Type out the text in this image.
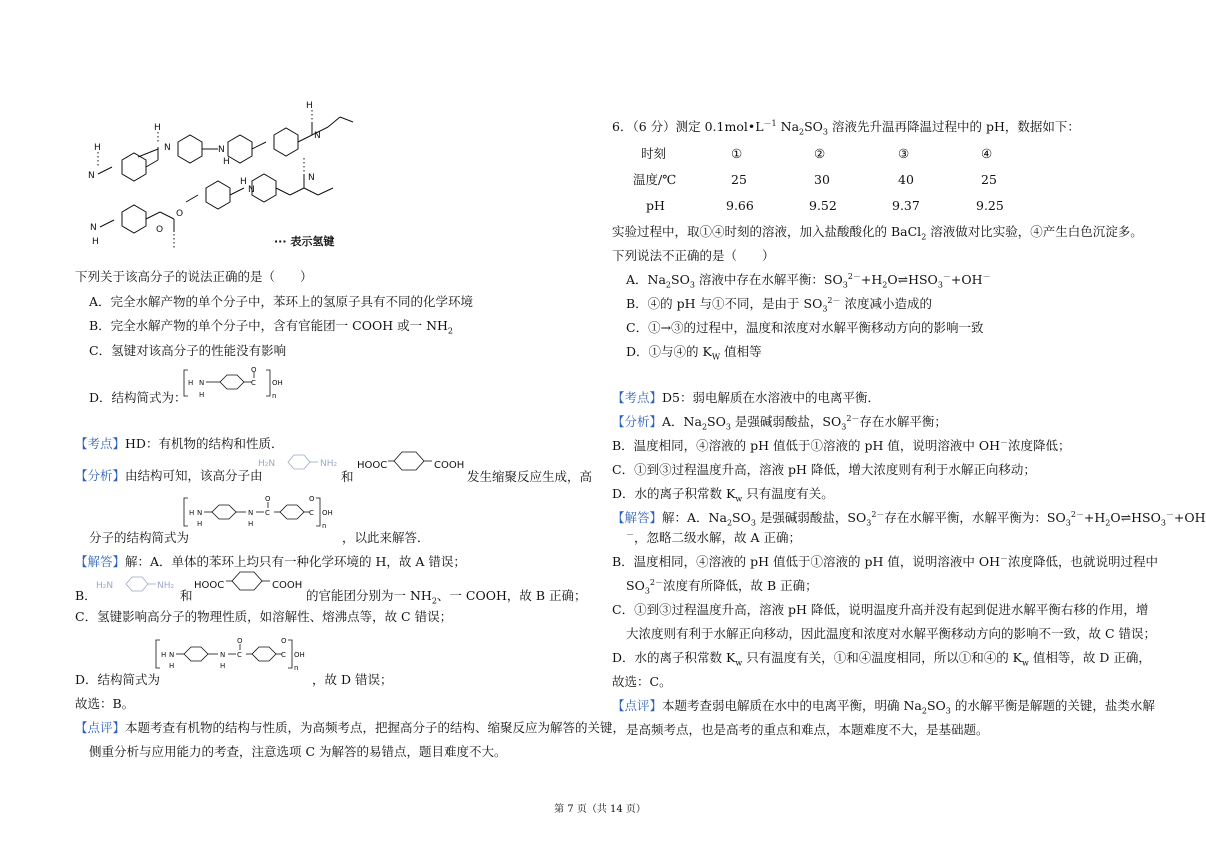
H
N	N
H
H
N
H
N
H
N
N
N
H
O
O
··· 表示氢键
下列关于该高分子的说法正确的是（　　）
A．完全水解产物的单个分子中，苯环上的氢原子具有不同的化学环境
B．完全水解产物的单个分子中，含有官能团一 COOH 或一 $NH_2$
C．氢键对该高分子的性能没有影响
H N
H
O
C OH
n
D．结构简式为：
【考点】HD：有机物的结构和性质．
【分析】由结构可知，该高分子由
H₂N	NH₂
和
HOOC	COOH
发生缩聚反应生成，高
H N
H
N
H
O
C
O
C OH
n
分子的结构简式为	，以此来解答．
【解答】解：A．单体的苯环上均只有一种化学环境的 H，故 A 错误；
B．
H₂N	NH₂
和
HOOC	COOH
的官能团分别为一 $NH_2$、一 COOH，故 B 正确；
C．氢键影响高分子的物理性质，如溶解性、熔沸点等，故 C 错误；
H N
H
N
H
O
C
O
C OH
n
D．结构简式为	，故 D 错误；
故选：B。
【点评】本题考查有机物的结构与性质，为高频考点，把握高分子的结构、缩聚反应为解答的关键，
侧重分析与应用能力的考查，注意选项 C 为解答的易错点，题目难度不大。
6．（6 分）测定 $0.1mol•L^{-1}$ $Na_2SO_3$ 溶液先升温再降温过程中的 pH，数据如下：
时刻	①	②	③	④
温度/℃	25	30	40	25
pH	9.66	9.52	9.37	9.25
实验过程中，取①④时刻的溶液，加入盐酸酸化的 BaCl$_2$ 溶液做对比实验，④产生白色沉淀多。
下列说法不正确的是（　　）
A．$Na_2SO_3$ 溶液中存在水解平衡：$SO_3^{2-}+H_2O\rightleftharpoons HSO_3^-+OH^-$
B．④的 pH 与①不同，是由于 $SO_3^{2-}$ 浓度减小造成的
C．①→③的过程中，温度和浓度对水解平衡移动方向的影响一致
D．①与④的 $K_W$ 值相等
【考点】D5：弱电解质在水溶液中的电离平衡．
【分析】A．$Na_2SO_3$ 是强碱弱酸盐，$SO_3^{2-}$存在水解平衡；
B．温度相同，④溶液的 pH 值低于①溶液的 pH 值，说明溶液中 OH－浓度降低；
C．①到③过程温度升高，溶液 pH 降低，增大浓度则有利于水解正向移动；
D．水的离子积常数 $K_w$ 只有温度有关。
【解答】解：A．$Na_2SO_3$ 是强碱弱酸盐，$SO_3^{2-}$存在水解平衡，水解平衡为：$SO_3^{2-}+H_2O\rightleftharpoons HSO_3^-+OH$
－，忽略二级水解，故 A 正确；
B．温度相同，④溶液的 pH 值低于①溶液的 pH 值，说明溶液中 OH－浓度降低，也就说明过程中
$SO_3^{2-}$浓度有所降低，故 B 正确；
C．①到③过程温度升高，溶液 pH 降低，说明温度升高并没有起到促进水解平衡右移的作用，增
大浓度则有利于水解正向移动，因此温度和浓度对水解平衡移动方向的影响不一致，故 C 错误；
D．水的离子积常数 $K_w$ 只有温度有关，①和④温度相同，所以①和④的 $K_w$ 值相等，故 D 正确，
故选：C。
【点评】本题考查弱电解质在水中的电离平衡，明确 $Na_2SO_3$ 的水解平衡是解题的关键，盐类水解
是高频考点，也是高考的重点和难点，本题难度不大，是基础题。
第 7 页（共 14 页）
